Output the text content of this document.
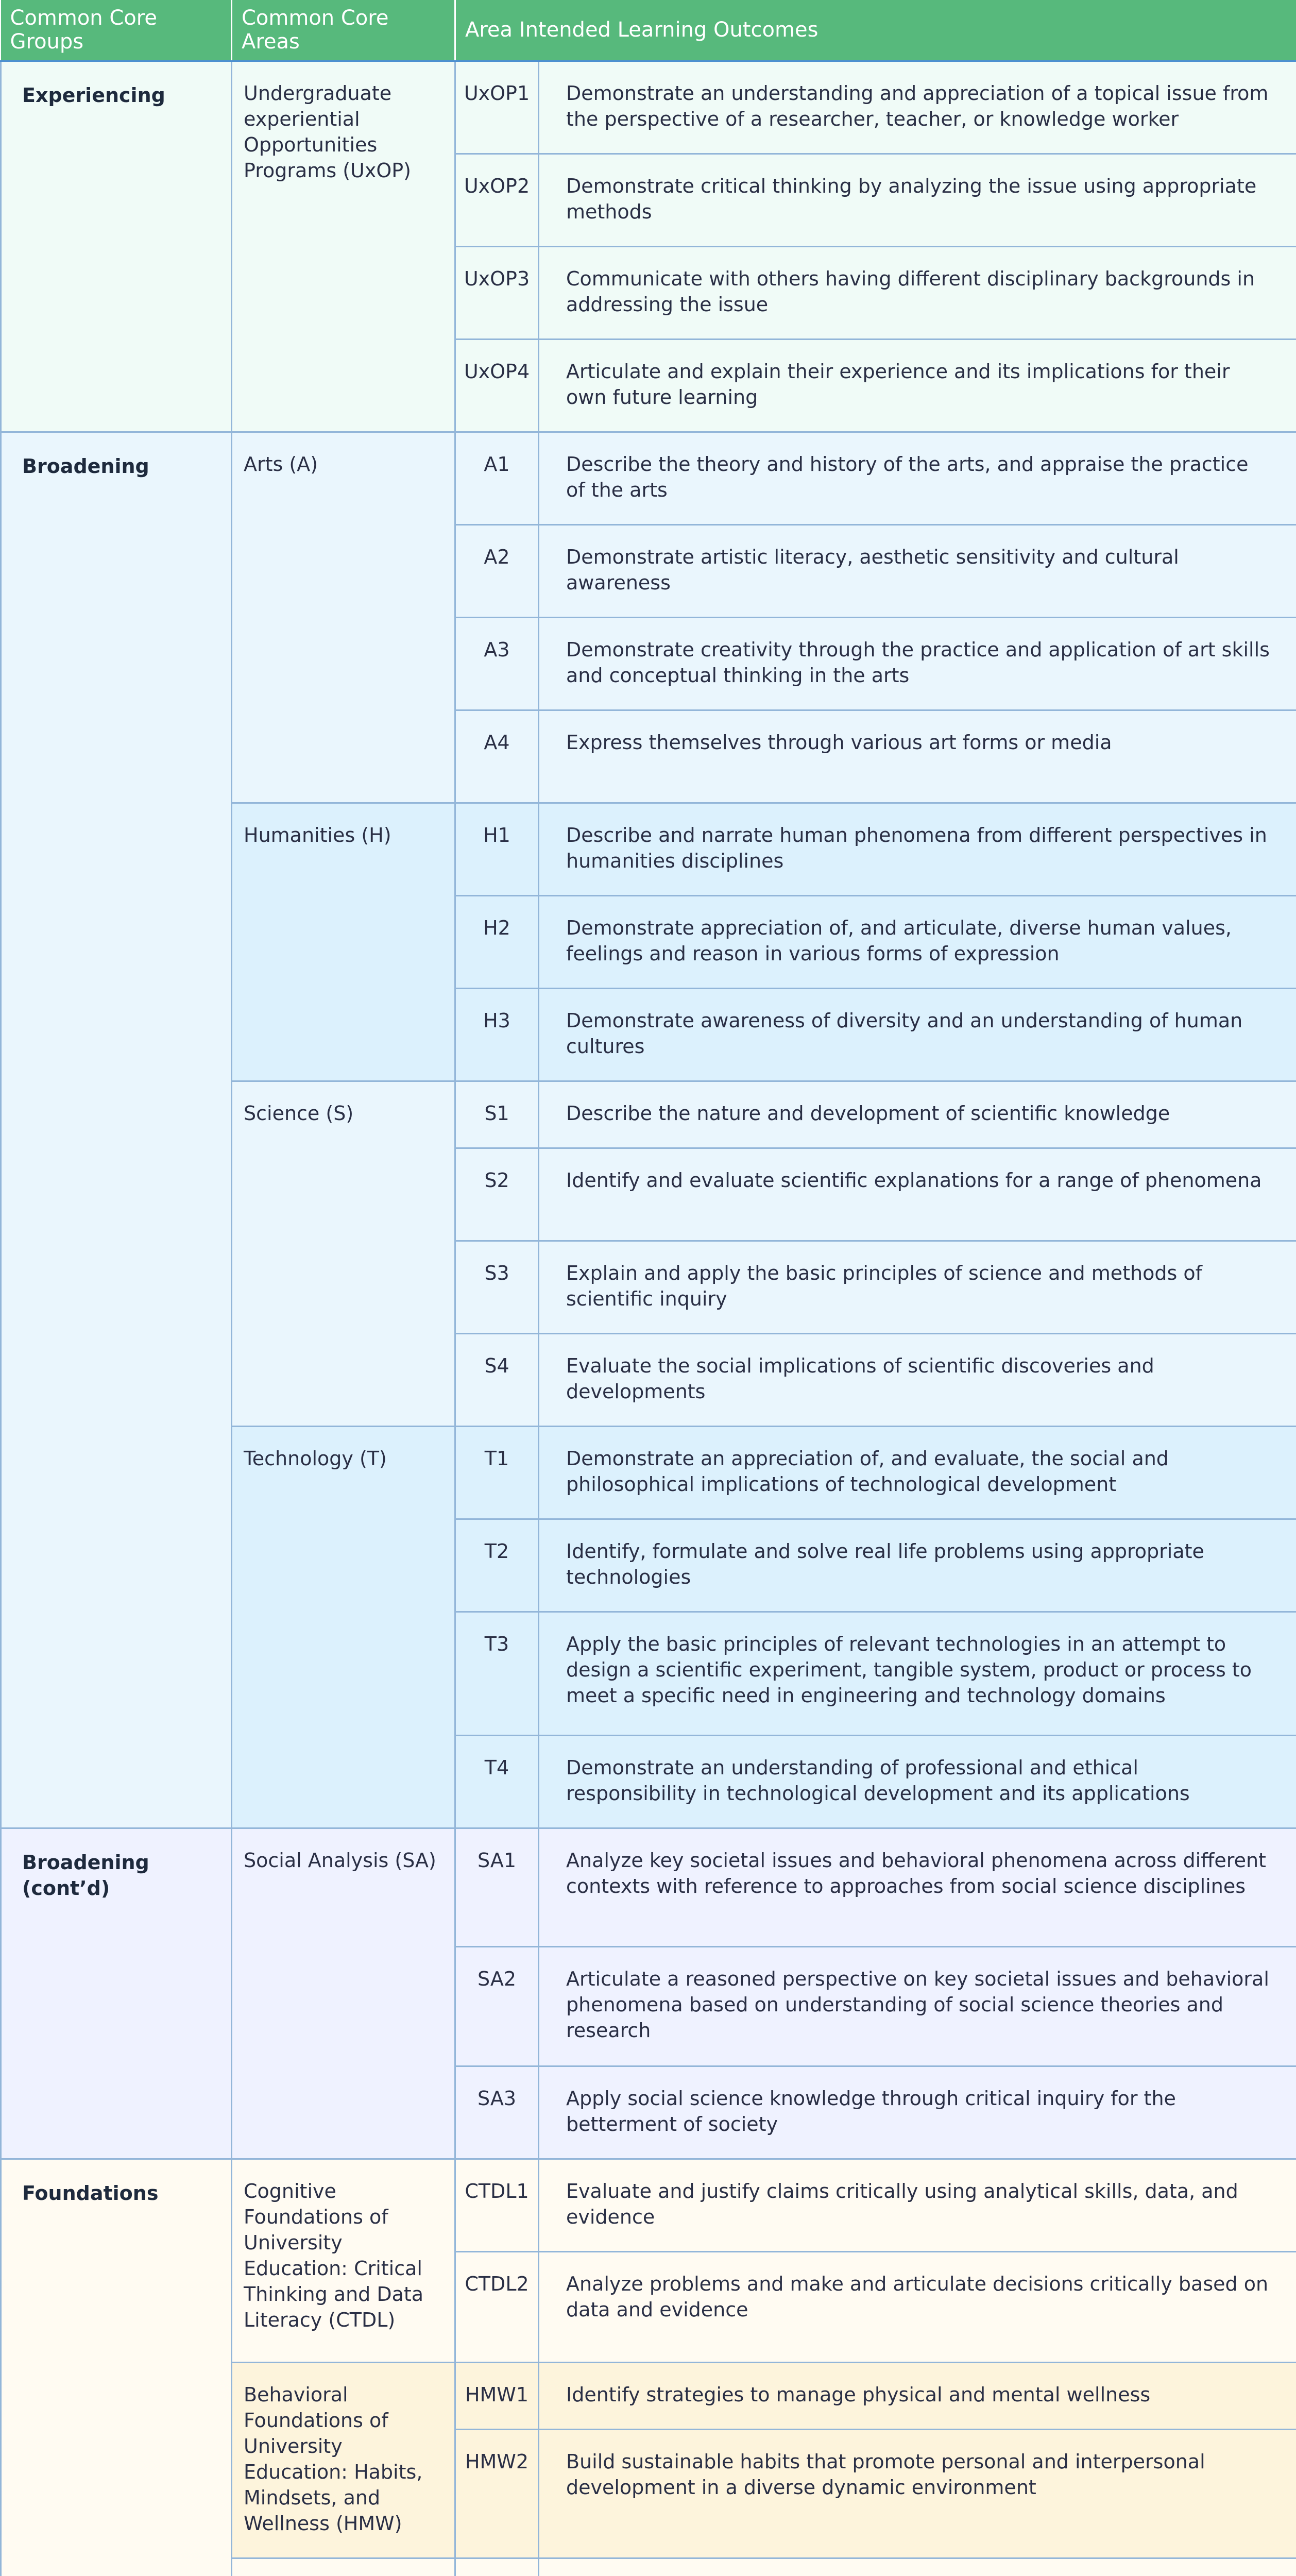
Common Core Groups	Common Core Areas	Area Intended Learning Outcomes	
Experiencing	Undergraduate experiential Opportunities Programs (UxOP)	UxOP1	Demonstrate an understanding and appreciation of a topical issue from the perspective of a researcher, teacher, or knowledge worker
		UxOP2	Demonstrate critical thinking by analyzing the issue using appropriate methods
		UxOP3	Communicate with others having different disciplinary backgrounds in addressing the issue
		UxOP4	Articulate and explain their experience and its implications for their own future learning
Broadening	Arts (A)	A1	Describe the theory and history of the arts, and appraise the practice of the arts
		A2	Demonstrate artistic literacy, aesthetic sensitivity and cultural awareness
		A3	Demonstrate creativity through the practice and application of art skills and conceptual thinking in the arts
		A4	Express themselves through various art forms or media
	Humanities (H)	H1	Describe and narrate human phenomena from different perspectives in humanities disciplines
		H2	Demonstrate appreciation of, and articulate, diverse human values, feelings and reason in various forms of expression
		H3	Demonstrate awareness of diversity and an understanding of human cultures
	Science (S)	S1	Describe the nature and development of scientific knowledge
		S2	Identify and evaluate scientific explanations for a range of phenomena
		S3	Explain and apply the basic principles of science and methods of scientific inquiry
		S4	Evaluate the social implications of scientific discoveries and developments
	Technology (T)	T1	Demonstrate an appreciation of, and evaluate, the social and philosophical implications of technological development
		T2	Identify, formulate and solve real life problems using appropriate technologies
		T3	Apply the basic principles of relevant technologies in an attempt to design a scientific experiment, tangible system, product or process to meet a specific need in engineering and technology domains
		T4	Demonstrate an understanding of professional and ethical responsibility in technological development and its applications
Broadening (cont’d)	Social Analysis (SA)	SA1	Analyze key societal issues and behavioral phenomena across different contexts with reference to approaches from social science disciplines
		SA2	Articulate a reasoned perspective on key societal issues and behavioral phenomena based on understanding of social science theories and research
		SA3	Apply social science knowledge through critical inquiry for the betterment of society
Foundations	Cognitive Foundations of University Education: Critical Thinking and Data Literacy (CTDL)	CTDL1	Evaluate and justify claims critically using analytical skills, data, and evidence
		CTDL2	Analyze problems and make and articulate decisions critically based on data and evidence
	Behavioral Foundations of University Education: Habits, Mindsets, and Wellness (HMW)	HMW1	Identify strategies to manage physical and mental wellness
		HMW2	Build sustainable habits that promote personal and interpersonal development in a diverse dynamic environment
